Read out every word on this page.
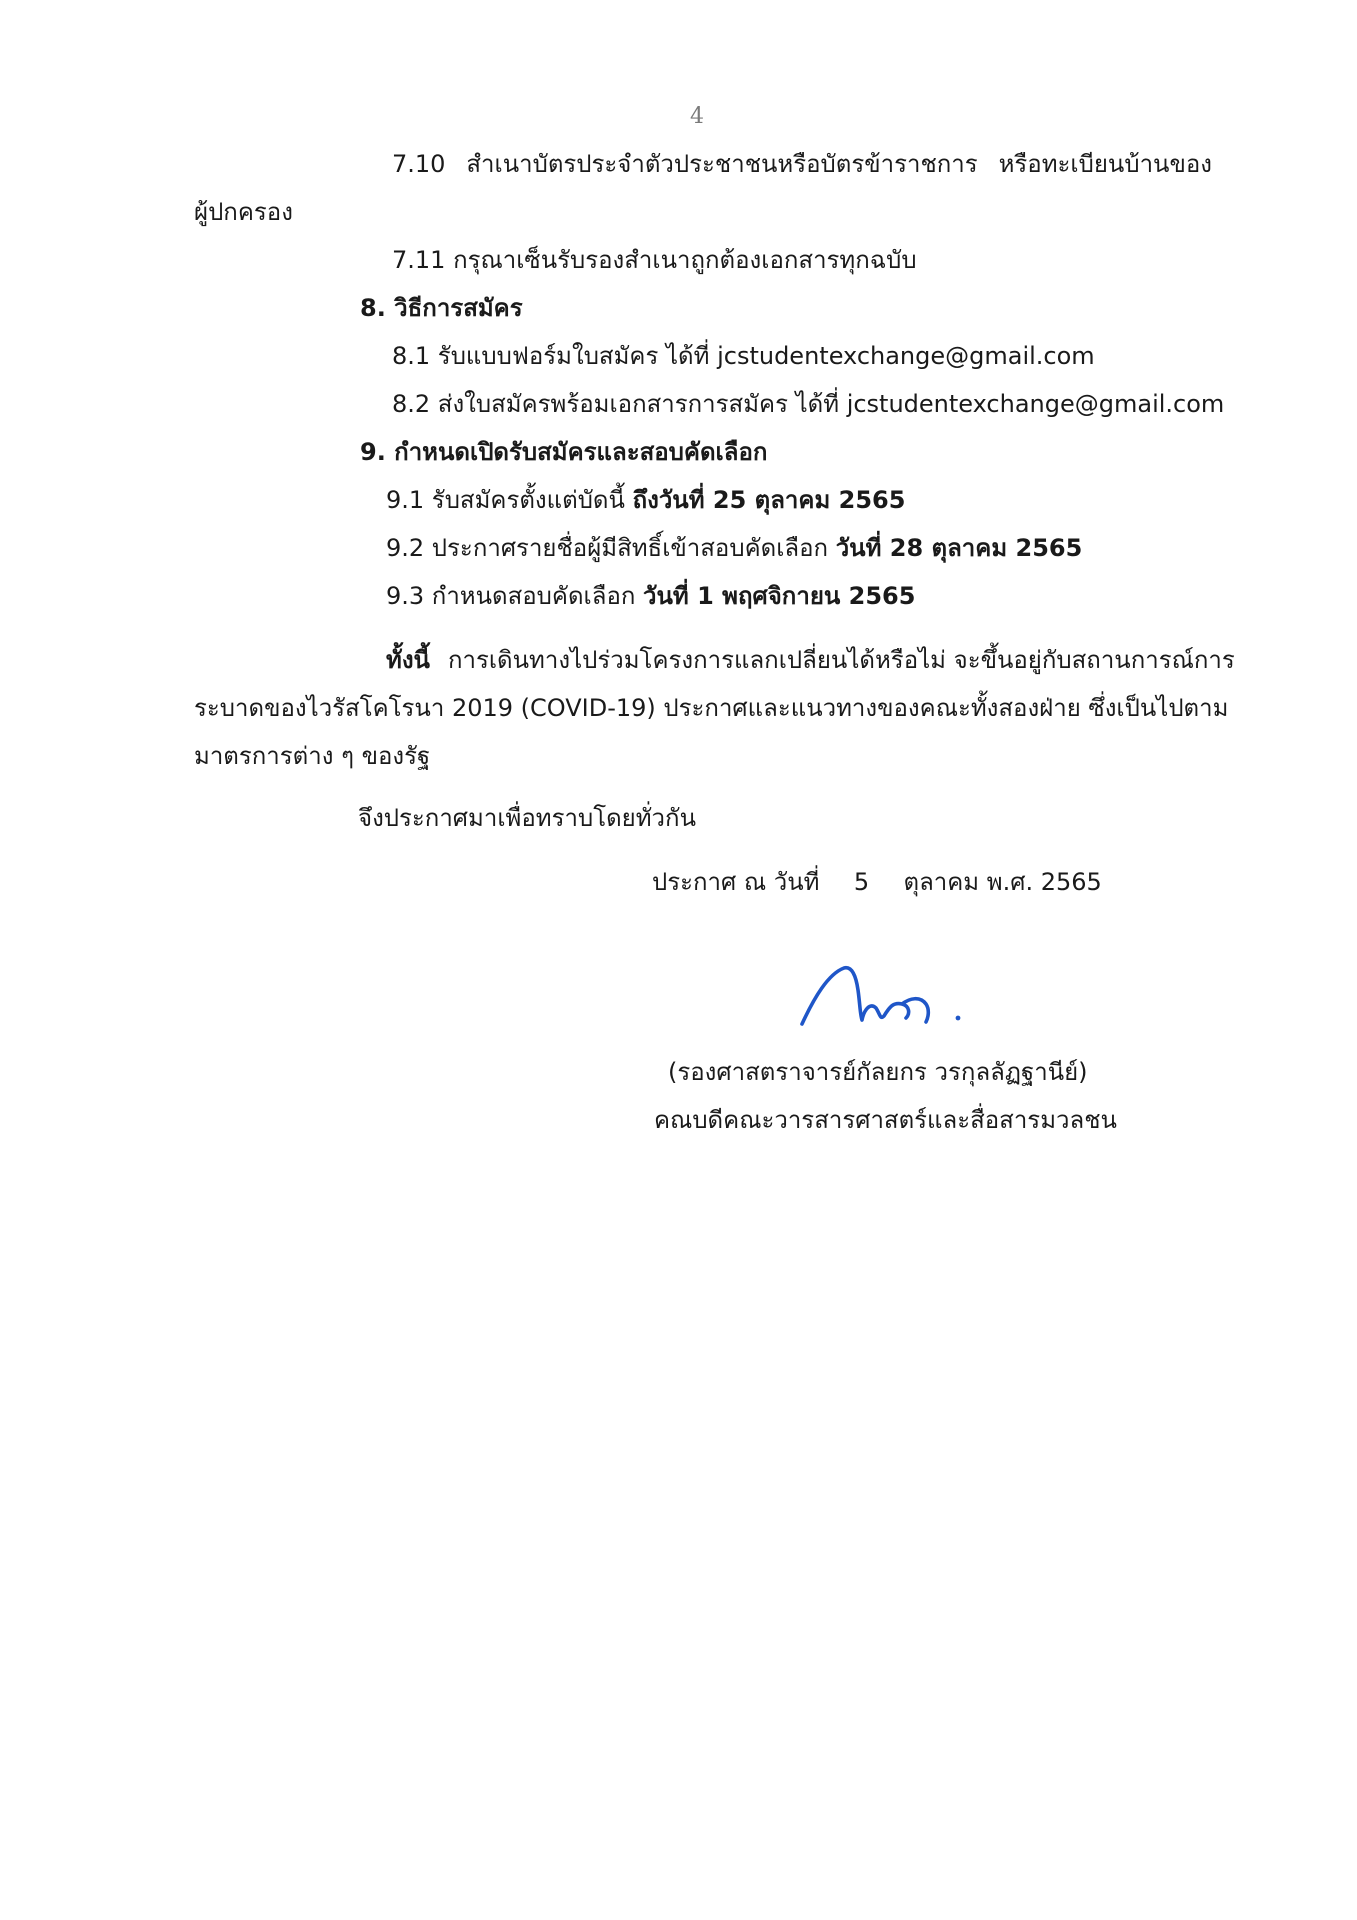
4
7.10 สำเนาบัตรประจำตัวประชาชนหรือบัตรข้าราชการ หรือทะเบียนบ้านของ
ผู้ปกครอง
7.11 กรุณาเซ็นรับรองสำเนาถูกต้องเอกสารทุกฉบับ
8. วิธีการสมัคร
8.1 รับแบบฟอร์มใบสมัคร ได้ที่ jcstudentexchange@gmail.com
8.2 ส่งใบสมัครพร้อมเอกสารการสมัคร ได้ที่ jcstudentexchange@gmail.com
9. กำหนดเปิดรับสมัครและสอบคัดเลือก
9.1 รับสมัครตั้งแต่บัดนี้ ถึงวันที่ 25 ตุลาคม 2565
9.2 ประกาศรายชื่อผู้มีสิทธิ์เข้าสอบคัดเลือก วันที่ 28 ตุลาคม 2565
9.3 กำหนดสอบคัดเลือก วันที่ 1 พฤศจิกายน 2565
ทั้งนี้ การเดินทางไปร่วมโครงการแลกเปลี่ยนได้หรือไม่ จะขึ้นอยู่กับสถานการณ์การ
ระบาดของไวรัสโคโรนา 2019 (COVID-19) ประกาศและแนวทางของคณะทั้งสองฝ่าย ซึ่งเป็นไปตาม
มาตรการต่าง ๆ ของรัฐ
จึงประกาศมาเพื่อทราบโดยทั่วกัน
ประกาศ ณ วันที่ 5 ตุลาคม พ.ศ. 2565
(รองศาสตราจารย์กัลยกร วรกุลลัฏฐานีย์)
คณบดีคณะวารสารศาสตร์และสื่อสารมวลชน
